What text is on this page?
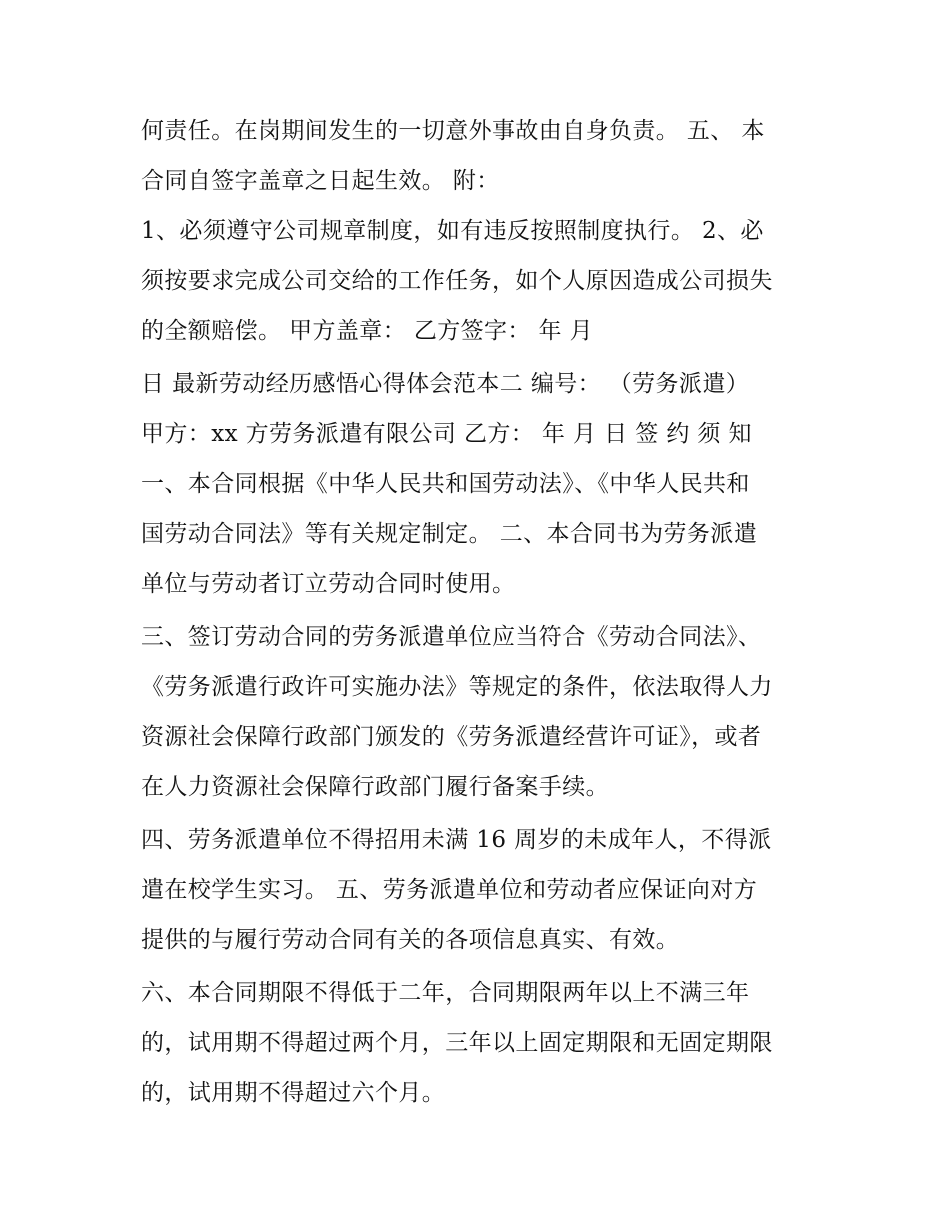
何责任。在岗期间发生的一切意外事故由自身负责。 五、 本
合同自签字盖章之日起生效。 附：
1、必须遵守公司规章制度，如有违反按照制度执行。 2、必
须按要求完成公司交给的工作任务，如个人原因造成公司损失
的全额赔偿。 甲方盖章： 乙方签字： 年 月
日 最新劳动经历感悟心得体会范本二 编号： （劳务派遣）
甲方：xx 方劳务派遣有限公司 乙方： 年 月 日 签 约 须 知
一、本合同根据《中华人民共和国劳动法》、《中华人民共和
国劳动合同法》等有关规定制定。 二、本合同书为劳务派遣
单位与劳动者订立劳动合同时使用。
三、签订劳动合同的劳务派遣单位应当符合《劳动合同法》、
《劳务派遣行政许可实施办法》等规定的条件，依法取得人力
资源社会保障行政部门颁发的《劳务派遣经营许可证》，或者
在人力资源社会保障行政部门履行备案手续。
四、劳务派遣单位不得招用未满 16 周岁的未成年人，不得派
遣在校学生实习。 五、劳务派遣单位和劳动者应保证向对方
提供的与履行劳动合同有关的各项信息真实、有效。
六、本合同期限不得低于二年，合同期限两年以上不满三年
的，试用期不得超过两个月，三年以上固定期限和无固定期限
的，试用期不得超过六个月。
